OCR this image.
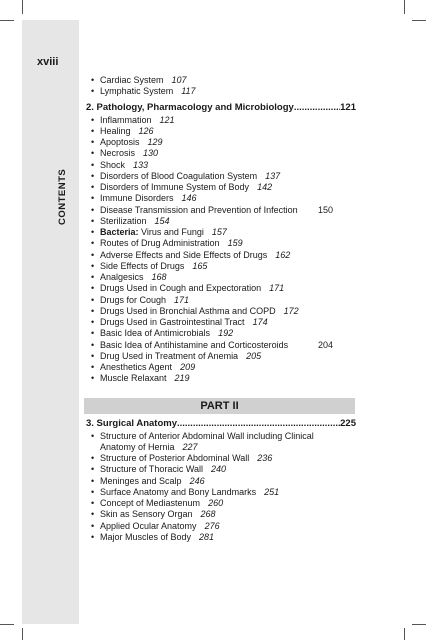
xviii
CONTENTS
• Cardiac System 107
• Lymphatic System 117
2. Pathology, Pharmacology and Microbiology .....	121
• Inflammation 121
• Healing 126
• Apoptosis 129
• Necrosis 130
• Shock 133
• Disorders of Blood Coagulation System 137
• Disorders of Immune System of Body 142
• Immune Disorders 146
• Disease Transmission and Prevention of Infection 150
• Sterilization 154
• Bacteria: Virus and Fungi 157
• Routes of Drug Administration 159
• Adverse Effects and Side Effects of Drugs 162
• Side Effects of Drugs 165
• Analgesics 168
• Drugs Used in Cough and Expectoration 171
• Drugs for Cough 171
• Drugs Used in Bronchial Asthma and COPD 172
• Drugs Used in Gastrointestinal Tract 174
• Basic Idea of Antimicrobials 192
• Basic Idea of Antihistamine and Corticosteroids	204
• Drug Used in Treatment of Anemia 205
• Anesthetics Agent 209
• Muscle Relaxant 219
PART II
3. Surgical Anatomy .....	225
• Structure of Anterior Abdominal Wall including Clinical
Anatomy of Hernia 227
• Structure of Posterior Abdominal Wall 236
• Structure of Thoracic Wall 240
• Meninges and Scalp 246
• Surface Anatomy and Bony Landmarks 251
• Concept of Mediastenum 260
• Skin as Sensory Organ 268
• Applied Ocular Anatomy 276
• Major Muscles of Body 281
